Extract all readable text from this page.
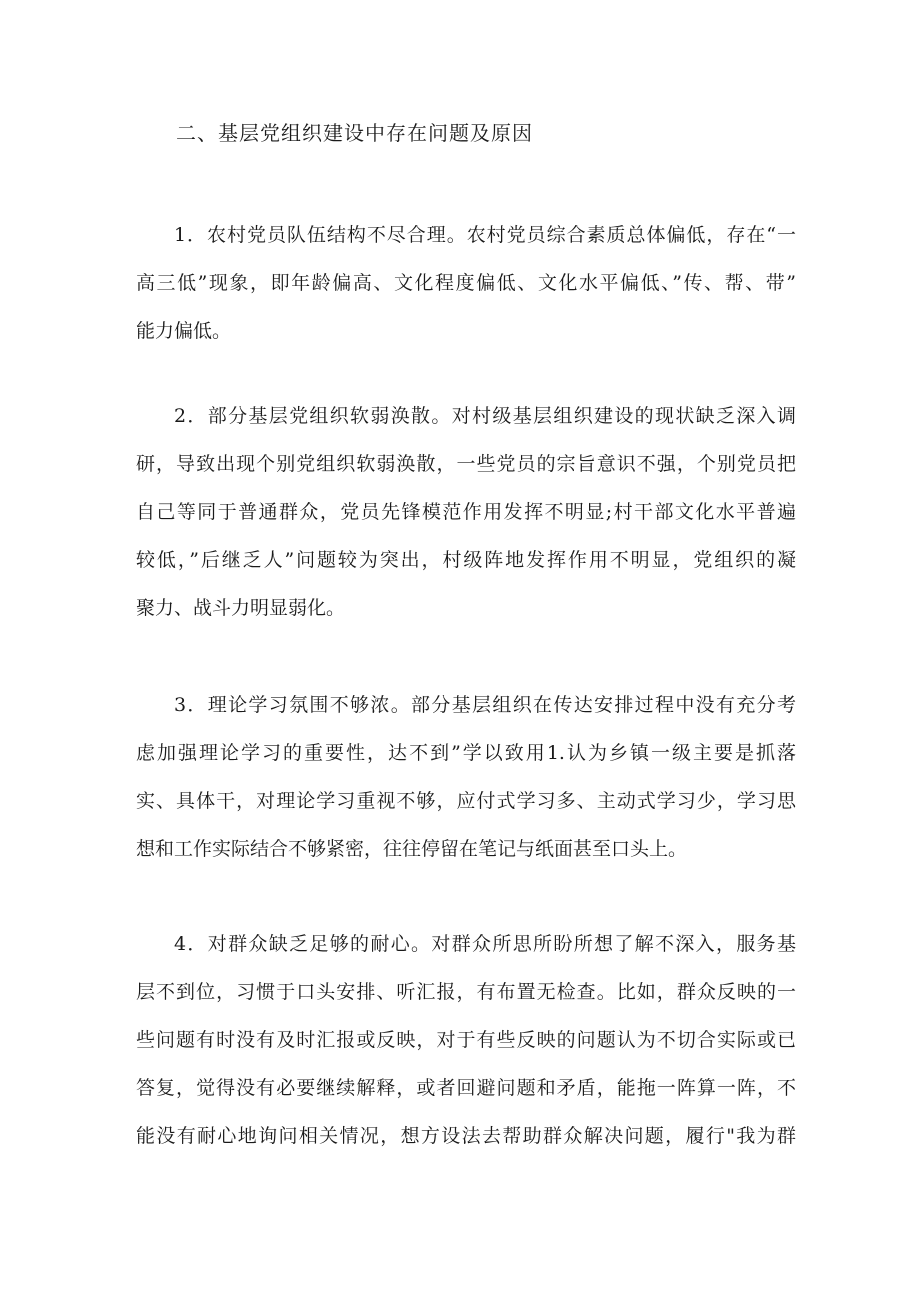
二、基层党组织建设中存在问题及原因
1．农村党员队伍结构不尽合理。农村党员综合素质总体偏低，存在“一
高三低”现象，即年龄偏高、文化程度偏低、文化水平偏低、”传、帮、带”
能力偏低。
2．部分基层党组织软弱涣散。对村级基层组织建设的现状缺乏深入调
研，导致出现个别党组织软弱涣散，一些党员的宗旨意识不强，个别党员把
自己等同于普通群众，党员先锋模范作用发挥不明显;村干部文化水平普遍
较低，”后继乏人”问题较为突出，村级阵地发挥作用不明显，党组织的凝
聚力、战斗力明显弱化。
3．理论学习氛围不够浓。部分基层组织在传达安排过程中没有充分考
虑加强理论学习的重要性，达不到”学以致用1.认为乡镇一级主要是抓落
实、具体干，对理论学习重视不够，应付式学习多、主动式学习少，学习思
想和工作实际结合不够紧密，往往停留在笔记与纸面甚至口头上。
4．对群众缺乏足够的耐心。对群众所思所盼所想了解不深入，服务基
层不到位，习惯于口头安排、听汇报，有布置无检查。比如，群众反映的一
些问题有时没有及时汇报或反映，对于有些反映的问题认为不切合实际或已
答复，觉得没有必要继续解释，或者回避问题和矛盾，能拖一阵算一阵，不
能没有耐心地询问相关情况，想方设法去帮助群众解决问题，履行"我为群
